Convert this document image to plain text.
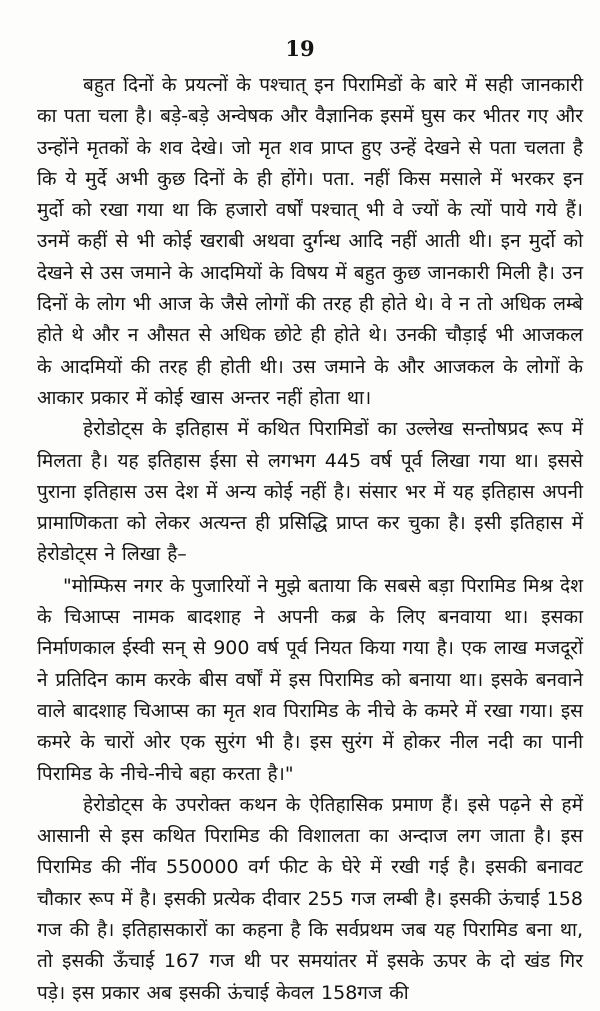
19

बहुत दिनों के प्रयत्नों के पश्चात् इन पिरामिडों के बारे में सही जानकारी का पता चला है। बड़े-बड़े अन्वेषक और वैज्ञानिक इसमें घुस कर भीतर गए और उन्होंने मृतकों के शव देखे। जो मृत शव प्राप्त हुए उन्हें देखने से पता चलता है कि ये मुर्दे अभी कुछ दिनों के ही होंगे। पता. नहीं किस मसाले में भरकर इन मुर्दो को रखा गया था कि हजारो वर्षों पश्चात् भी वे ज्यों के त्यों पाये गये हैं। उनमें कहीं से भी कोई खराबी अथवा दुर्गन्ध आदि नहीं आती थी। इन मुर्दो को देखने से उस जमाने के आदमियों के विषय में बहुत कुछ जानकारी मिली है। उन दिनों के लोग भी आज के जैसे लोगों की तरह ही होते थे। वे न तो अधिक लम्बे होते थे और न औसत से अधिक छोटे ही होते थे। उनकी चौड़ाई भी आजकल के आदमियों की तरह ही होती थी। उस जमाने के और आजकल के लोगों के आकार प्रकार में कोई खास अन्तर नहीं होता था।

हेरोडोट्स के इतिहास में कथित पिरामिडों का उल्लेख सन्तोषप्रद रूप में मिलता है। यह इतिहास ईसा से लगभग 445 वर्ष पूर्व लिखा गया था। इससे पुराना इतिहास उस देश में अन्य कोई नहीं है। संसार भर में यह इतिहास अपनी प्रामाणिकता को लेकर अत्यन्त ही प्रसिद्धि प्राप्त कर चुका है। इसी इतिहास में हेरोडोट्स ने लिखा है–

"मोम्फिस नगर के पुजारियों ने मुझे बताया कि सबसे बड़ा पिरामिड मिश्र देश के चिआप्स नामक बादशाह ने अपनी कब्र के लिए बनवाया था। इसका निर्माणकाल ईस्वी सन् से 900 वर्ष पूर्व नियत किया गया है। एक लाख मजदूरों ने प्रतिदिन काम करके बीस वर्षों में इस पिरामिड को बनाया था। इसके बनवाने वाले बादशाह चिआप्स का मृत शव पिरामिड के नीचे के कमरे में रखा गया। इस कमरे के चारों ओर एक सुरंग भी है। इस सुरंग में होकर नील नदी का पानी पिरामिड के नीचे-नीचे बहा करता है।"

हेरोडोट्स के उपरोक्त कथन के ऐतिहासिक प्रमाण हैं। इसे पढ़ने से हमें आसानी से इस कथित पिरामिड की विशालता का अन्दाज लग जाता है। इस पिरामिड की नींव 550000 वर्ग फीट के घेरे में रखी गई है। इसकी बनावट चौकार रूप में है। इसकी प्रत्येक दीवार 255 गज लम्बी है। इसकी ऊंचाई 158 गज की है। इतिहासकारों का कहना है कि सर्वप्रथम जब यह पिरामिड बना था, तो इसकी ऊँचाई 167 गज थी पर समयांतर में इसके ऊपर के दो खंड गिर पड़े। इस प्रकार अब इसकी ऊंचाई केवल 158गज की
